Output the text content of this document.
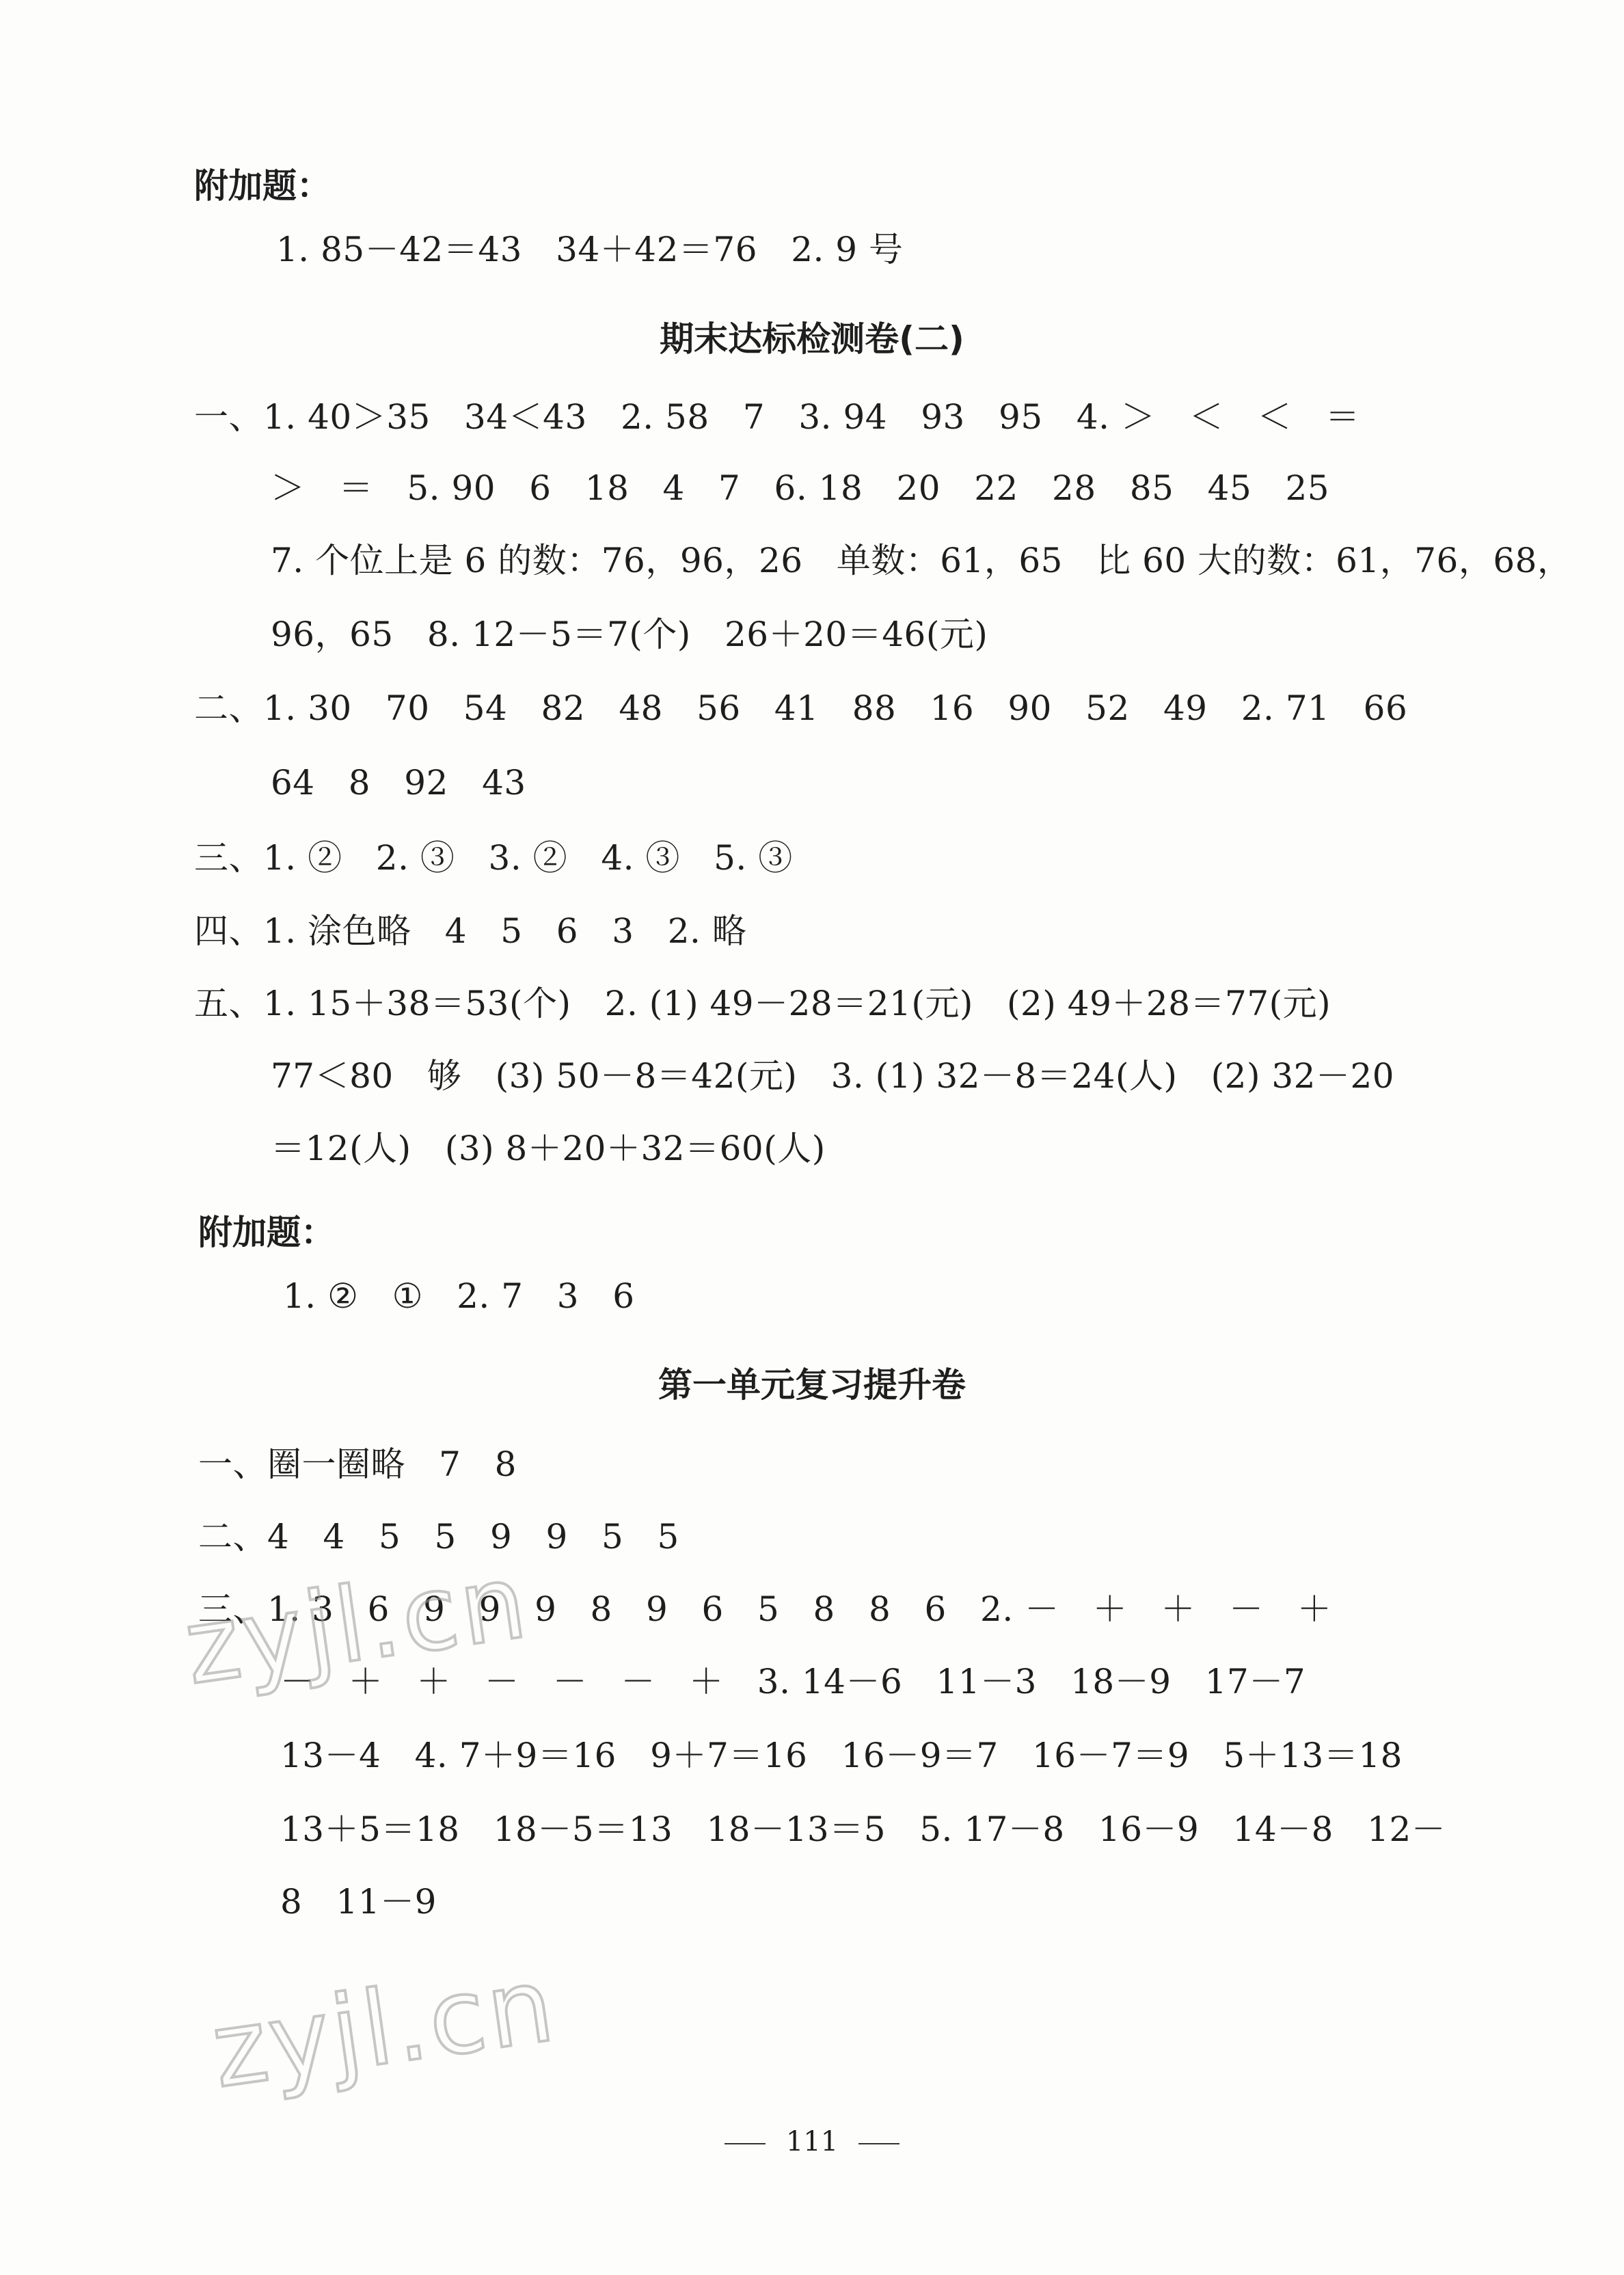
附加题：
1. 85－42＝43   34＋42＝76   2. 9 号
期末达标检测卷(二)
一、1. 40＞35   34＜43   2. 58   7   3. 94   93   95   4. ＞   ＜   ＜   ＝
＞   ＝   5. 90   6   18   4   7   6. 18   20   22   28   85   45   25
7. 个位上是 6 的数：76，96，26   单数：61，65   比 60 大的数：61，76，68，
96，65   8. 12－5＝7(个)   26＋20＝46(元)
二、1. 30   70   54   82   48   56   41   88   16   90   52   49   2. 71   66
64   8   92   43
三、1. ②   2. ③   3. ②   4. ③   5. ③
四、1. 涂色略   4   5   6   3   2. 略
五、1. 15＋38＝53(个)   2. (1) 49－28＝21(元)   (2) 49＋28＝77(元)
77＜80   够   (3) 50－8＝42(元)   3. (1) 32－8＝24(人)   (2) 32－20
＝12(人)   (3) 8＋20＋32＝60(人)
附加题：
1. ②   ①   2. 7   3   6
第一单元复习提升卷
一、圈一圈略   7   8
二、4   4   5   5   9   9   5   5
三、1. 3   6   9   9   9   8   9   6   5   8   8   6   2. －   ＋   ＋   －   ＋
－   ＋   ＋   －   －   －   ＋   3. 14－6   11－3   18－9   17－7
13－4   4. 7＋9＝16   9＋7＝16   16－9＝7   16－7＝9   5＋13＝18
13＋5＝18   18－5＝13   18－13＝5   5. 17－8   16－9   14－8   12－
8   11－9
zyjl.cn
zyjl.cn
111
